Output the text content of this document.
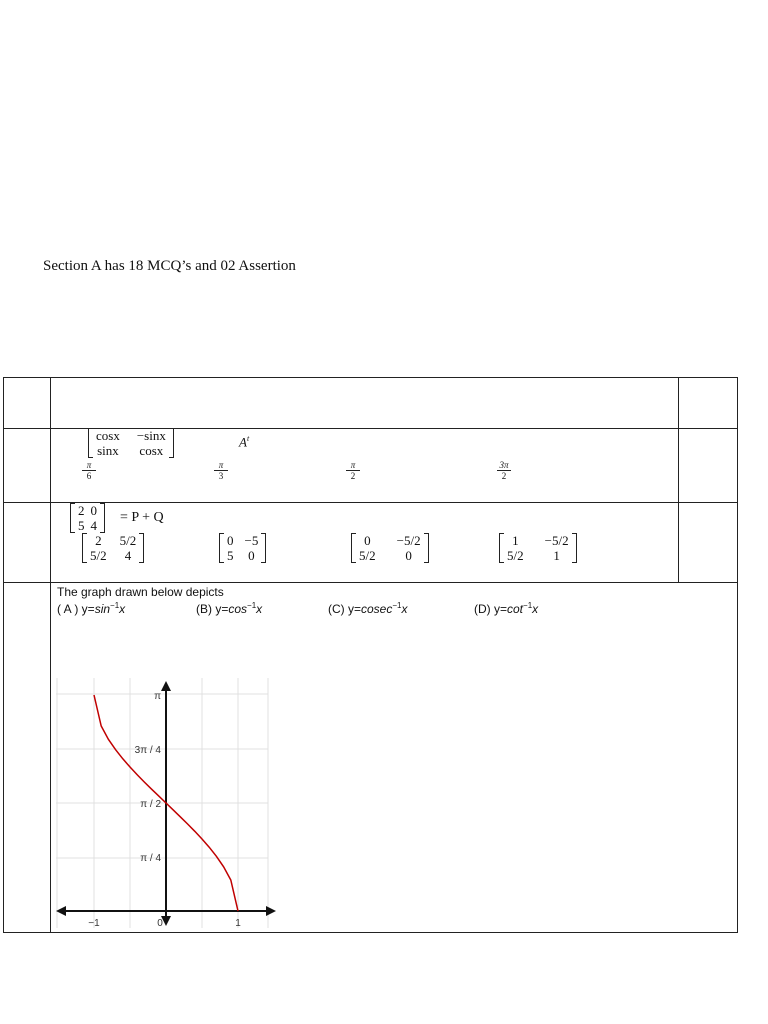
Section A has 18 MCQ’s and 02 Assertion
cosx	−sinx
sinx	cosx
$A^t$
$\frac{\pi}{6}$	$\frac{\pi}{3}$	$\frac{\pi}{2}$	$\frac{3\pi}{2}$
2	0
5	4
= P + Q
2	5/2
5/2	4
0	−5
5	0
0	−5/2
5/2	0
1	−5/2
5/2	1
The graph drawn below depicts
( A ) $y=\sin^{-1}x$	(B) $y=\cos^{-1}x$	(C) y=cosec$^{-1}$x	(D) $y=\cot^{-1}x$
−1	0	1
π / 4
π / 2
3π / 4
π
